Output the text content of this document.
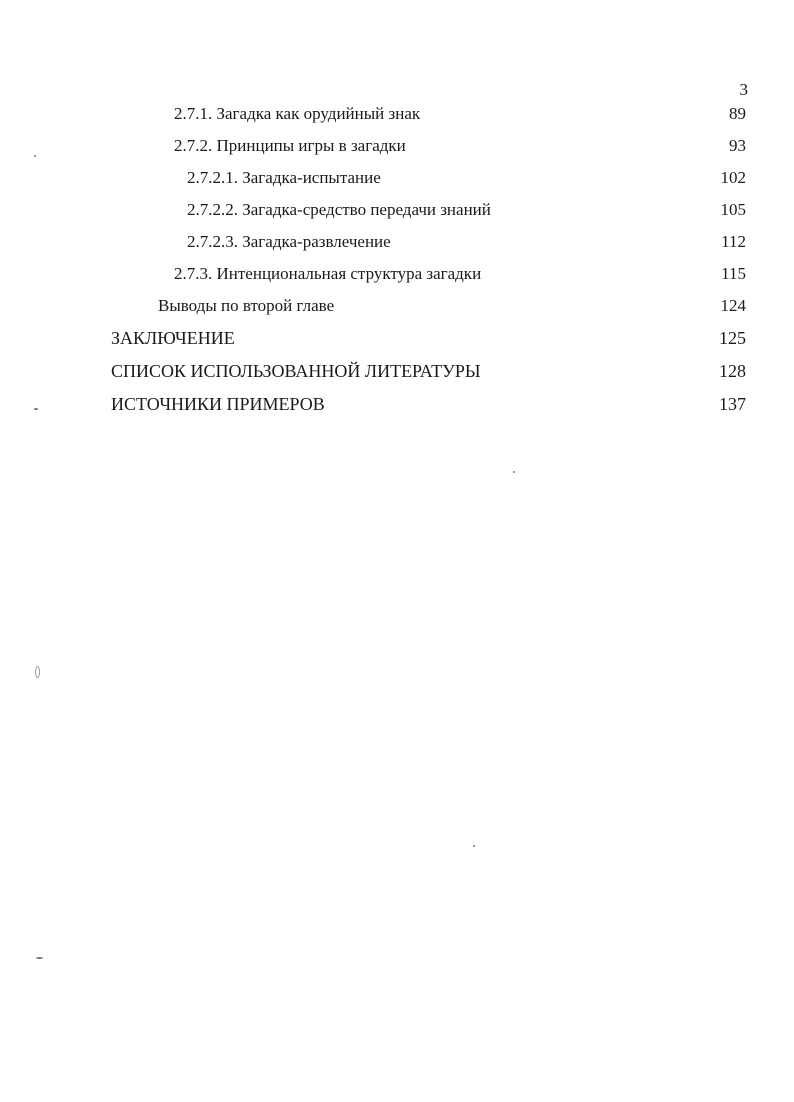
3
2.7.1. Загадка как орудийный знак	89
2.7.2. Принципы игры в загадки	93
2.7.2.1. Загадка-испытание	102
2.7.2.2. Загадка-средство передачи знаний	105
2.7.2.3. Загадка-развлечение	112
2.7.3. Интенциональная структура загадки	115
Выводы по второй главе	124
ЗАКЛЮЧЕНИЕ	125
СПИСОК ИСПОЛЬЗОВАННОЙ ЛИТЕРАТУРЫ	128
ИСТОЧНИКИ ПРИМЕРОВ	137
